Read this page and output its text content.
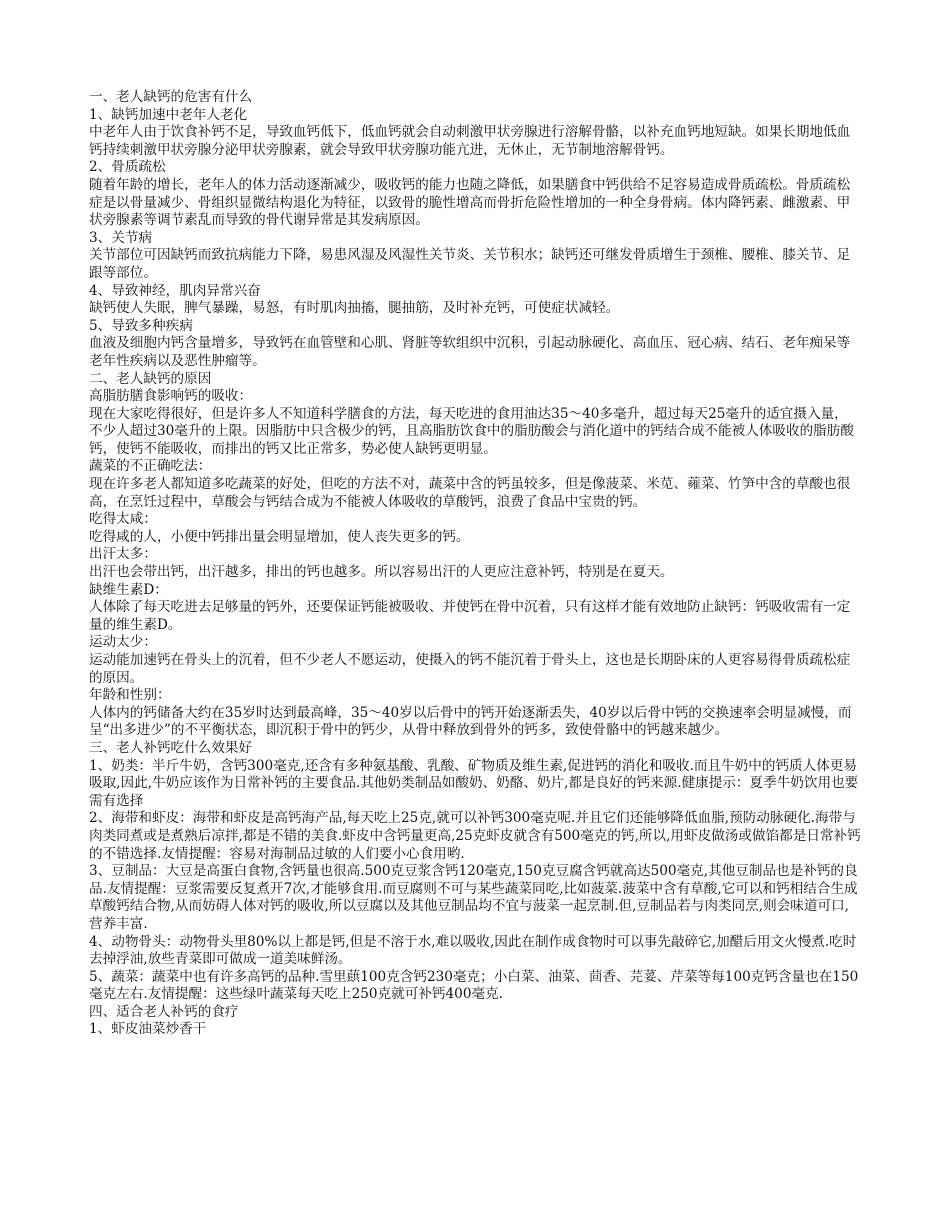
一、老人缺钙的危害有什么

1、缺钙加速中老年人老化

中老年人由于饮食补钙不足，导致血钙低下，低血钙就会自动刺激甲状旁腺进行溶解骨骼，以补充血钙地短缺。如果长期地低血钙持续刺激甲状旁腺分泌甲状旁腺素，就会导致甲状旁腺功能亢进，无休止，无节制地溶解骨钙。

2、骨质疏松

随着年龄的增长，老年人的体力活动逐渐减少，吸收钙的能力也随之降低，如果膳食中钙供给不足容易造成骨质疏松。骨质疏松症是以骨量减少、骨组织显微结构退化为特征，以致骨的脆性增高而骨折危险性增加的一种全身骨病。体内降钙素、雌激素、甲状旁腺素等调节素乱而导致的骨代谢异常是其发病原因。

3、关节病

关节部位可因缺钙而致抗病能力下降，易患风湿及风湿性关节炎、关节积水；缺钙还可继发骨质增生于颈椎、腰椎、膝关节、足跟等部位。

4、导致神经，肌肉异常兴奋

缺钙使人失眠，脾气暴躁，易怒，有时肌肉抽搐，腿抽筋，及时补充钙，可使症状减轻。

5、导致多种疾病

血液及细胞内钙含量增多，导致钙在血管壁和心肌、肾脏等软组织中沉积，引起动脉硬化、高血压、冠心病、结石、老年痴呆等老年性疾病以及恶性肿瘤等。

二、老人缺钙的原因

高脂肪膳食影响钙的吸收：

现在大家吃得很好，但是许多人不知道科学膳食的方法，每天吃进的食用油达35～40多毫升，超过每天25毫升的适宜摄入量，不少人超过30毫升的上限。因脂肪中只含极少的钙，且高脂肪饮食中的脂肪酸会与消化道中的钙结合成不能被人体吸收的脂肪酸钙，使钙不能吸收，而排出的钙又比正常多，势必使人缺钙更明显。

蔬菜的不正确吃法：

现在许多老人都知道多吃蔬菜的好处，但吃的方法不对，蔬菜中含的钙虽较多，但是像菠菜、米苋、蕹菜、竹笋中含的草酸也很高，在烹饪过程中，草酸会与钙结合成为不能被人体吸收的草酸钙，浪费了食品中宝贵的钙。

吃得太咸：

吃得咸的人，小便中钙排出量会明显增加，使人丧失更多的钙。

出汗太多：

出汗也会带出钙，出汗越多，排出的钙也越多。所以容易出汗的人更应注意补钙，特别是在夏天。

缺维生素D：

人体除了每天吃进去足够量的钙外，还要保证钙能被吸收、并使钙在骨中沉着，只有这样才能有效地防止缺钙：钙吸收需有一定量的维生素D。

运动太少：

运动能加速钙在骨头上的沉着，但不少老人不愿运动，使摄入的钙不能沉着于骨头上，这也是长期卧床的人更容易得骨质疏松症的原因。

年龄和性别：

人体内的钙储备大约在35岁时达到最高峰，35～40岁以后骨中的钙开始逐渐丢失，40岁以后骨中钙的交换速率会明显减慢，而呈“出多进少”的不平衡状态，即沉积于骨中的钙少，从骨中释放到骨外的钙多，致使骨骼中的钙越来越少。

三、老人补钙吃什么效果好

1、奶类：半斤牛奶，含钙300毫克,还含有多种氨基酸、乳酸、矿物质及维生素,促进钙的消化和吸收.而且牛奶中的钙质人体更易吸取,因此,牛奶应该作为日常补钙的主要食品.其他奶类制品如酸奶、奶酪、奶片,都是良好的钙来源.健康提示：夏季牛奶饮用也要需有选择

2、海带和虾皮：海带和虾皮是高钙海产品,每天吃上25克,就可以补钙300毫克呢.并且它们还能够降低血脂,预防动脉硬化.海带与肉类同煮或是煮熟后凉拌,都是不错的美食.虾皮中含钙量更高,25克虾皮就含有500毫克的钙,所以,用虾皮做汤或做馅都是日常补钙的不错选择.友情提醒：容易对海制品过敏的人们要小心食用哟.

3、豆制品：大豆是高蛋白食物,含钙量也很高.500克豆浆含钙120毫克,150克豆腐含钙就高达500毫克,其他豆制品也是补钙的良品.友情提醒：豆浆需要反复煮开7次,才能够食用.而豆腐则不可与某些蔬菜同吃,比如菠菜.菠菜中含有草酸,它可以和钙相结合生成草酸钙结合物,从而妨碍人体对钙的吸收,所以豆腐以及其他豆制品均不宜与菠菜一起烹制.但,豆制品若与肉类同烹,则会味道可口,营养丰富.

4、动物骨头：动物骨头里80%以上都是钙,但是不溶于水,难以吸收,因此在制作成食物时可以事先敲碎它,加醋后用文火慢煮.吃时去掉浮油,放些青菜即可做成一道美味鲜汤。

5、蔬菜：蔬菜中也有许多高钙的品种.雪里蕻100克含钙230毫克；小白菜、油菜、茴香、芫荽、芹菜等每100克钙含量也在150毫克左右.友情提醒：这些绿叶蔬菜每天吃上250克就可补钙400毫克.

四、适合老人补钙的食疗

1、虾皮油菜炒香干
